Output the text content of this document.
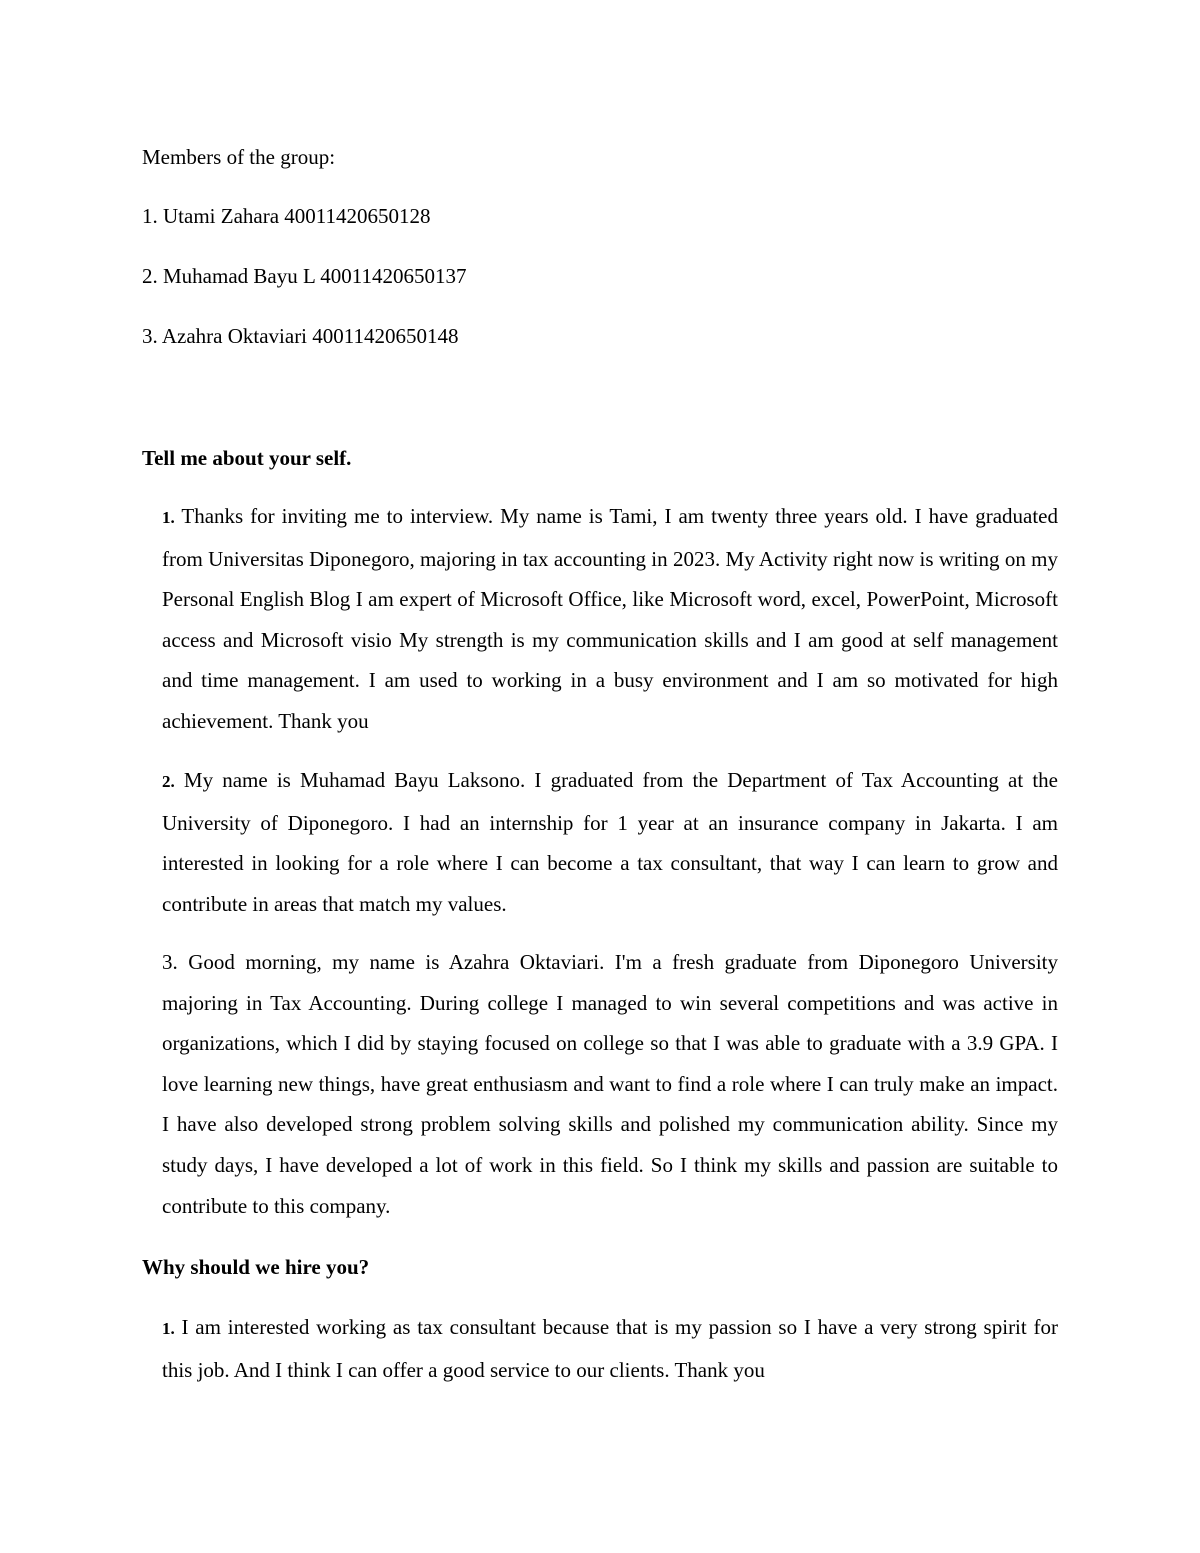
Members of the group:
1. Utami Zahara 40011420650128
2. Muhamad Bayu L 40011420650137
3. Azahra Oktaviari 40011420650148
Tell me about your self.
1. Thanks for inviting me to interview. My name is Tami, I am twenty three years old. I have graduated from Universitas Diponegoro, majoring in tax accounting in 2023. My Activity right now is writing on my Personal English Blog I am expert of Microsoft Office, like Microsoft word, excel, PowerPoint, Microsoft access and Microsoft visio My strength is my communication skills and I am good at self management and time management. I am used to working in a busy environment and I am so motivated for high achievement. Thank you
2. My name is Muhamad Bayu Laksono. I graduated from the Department of Tax Accounting at the University of Diponegoro. I had an internship for 1 year at an insurance company in Jakarta. I am interested in looking for a role where I can become a tax consultant, that way I can learn to grow and contribute in areas that match my values.
3. Good morning, my name is Azahra Oktaviari. I'm a fresh graduate from Diponegoro University majoring in Tax Accounting. During college I managed to win several competitions and was active in organizations, which I did by staying focused on college so that I was able to graduate with a 3.9 GPA. I love learning new things, have great enthusiasm and want to find a role where I can truly make an impact. I have also developed strong problem solving skills and polished my communication ability. Since my study days, I have developed a lot of work in this field. So I think my skills and passion are suitable to contribute to this company.
Why should we hire you?
1. I am interested working as tax consultant because that is my passion so I have a very strong spirit for this job. And I think I can offer a good service to our clients. Thank you
